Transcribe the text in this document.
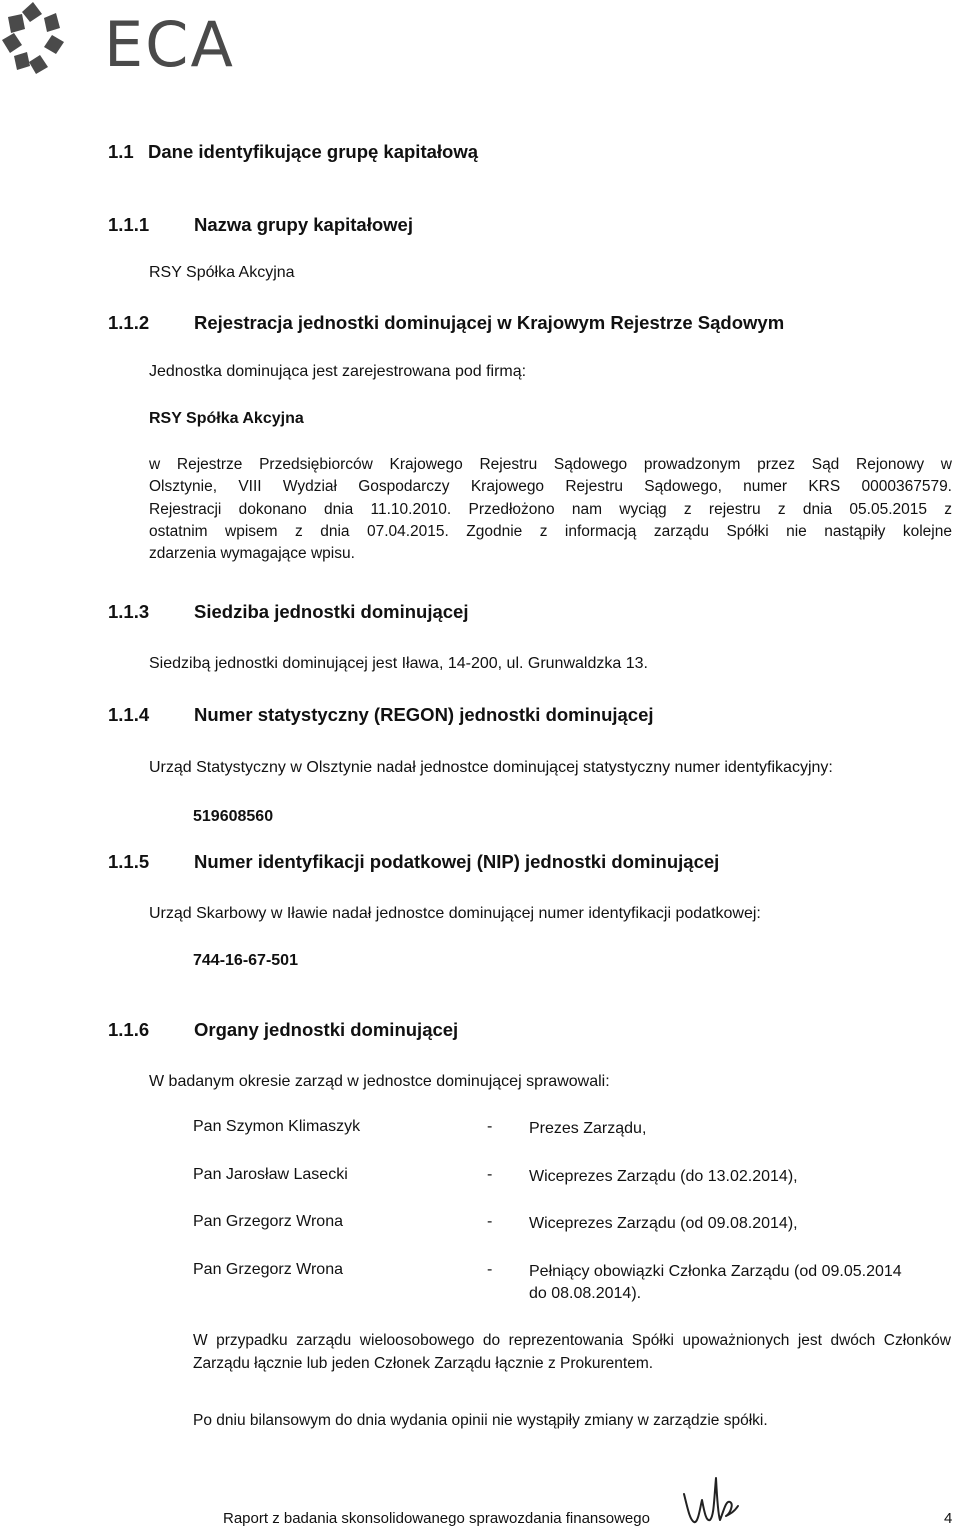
ECA
1.1 Dane identyfikujące grupę kapitałową
1.1.1 Nazwa grupy kapitałowej
RSY Spółka Akcyjna
1.1.2 Rejestracja jednostki dominującej w Krajowym Rejestrze Sądowym
Jednostka dominująca jest zarejestrowana pod firmą:
RSY Spółka Akcyjna
w Rejestrze Przedsiębiorców Krajowego Rejestru Sądowego prowadzonym przez Sąd Rejonowy w
Olsztynie, VIII Wydział Gospodarczy Krajowego Rejestru Sądowego, numer KRS 0000367579.
Rejestracji dokonano dnia 11.10.2010. Przedłożono nam wyciąg z rejestru z dnia 05.05.2015 z
ostatnim wpisem z dnia 07.04.2015. Zgodnie z informacją zarządu Spółki nie nastąpiły kolejne
zdarzenia wymagające wpisu.
1.1.3 Siedziba jednostki dominującej
Siedzibą jednostki dominującej jest Iława, 14-200, ul. Grunwaldzka 13.
1.1.4 Numer statystyczny (REGON) jednostki dominującej
Urząd Statystyczny w Olsztynie nadał jednostce dominującej statystyczny numer identyfikacyjny:
519608560
1.1.5 Numer identyfikacji podatkowej (NIP) jednostki dominującej
Urząd Skarbowy w Iławie nadał jednostce dominującej numer identyfikacji podatkowej:
744-16-67-501
1.1.6 Organy jednostki dominującej
W badanym okresie zarząd w jednostce dominującej sprawowali:
Pan Szymon Klimaszyk	- Prezes Zarządu,
Pan Jarosław Lasecki	- Wiceprezes Zarządu (do 13.02.2014),
Pan Grzegorz Wrona	- Wiceprezes Zarządu (od 09.08.2014),
Pan Grzegorz Wrona	- Pełniący obowiązki Członka Zarządu (od 09.05.2014
do 08.08.2014).
W przypadku zarządu wieloosobowego do reprezentowania Spółki upoważnionych jest dwóch Członków Zarządu łącznie lub jeden Członek Zarządu łącznie z Prokurentem.
Po dniu bilansowym do dnia wydania opinii nie wystąpiły zmiany w zarządzie spółki.
Raport z badania skonsolidowanego sprawozdania finansowego	4
